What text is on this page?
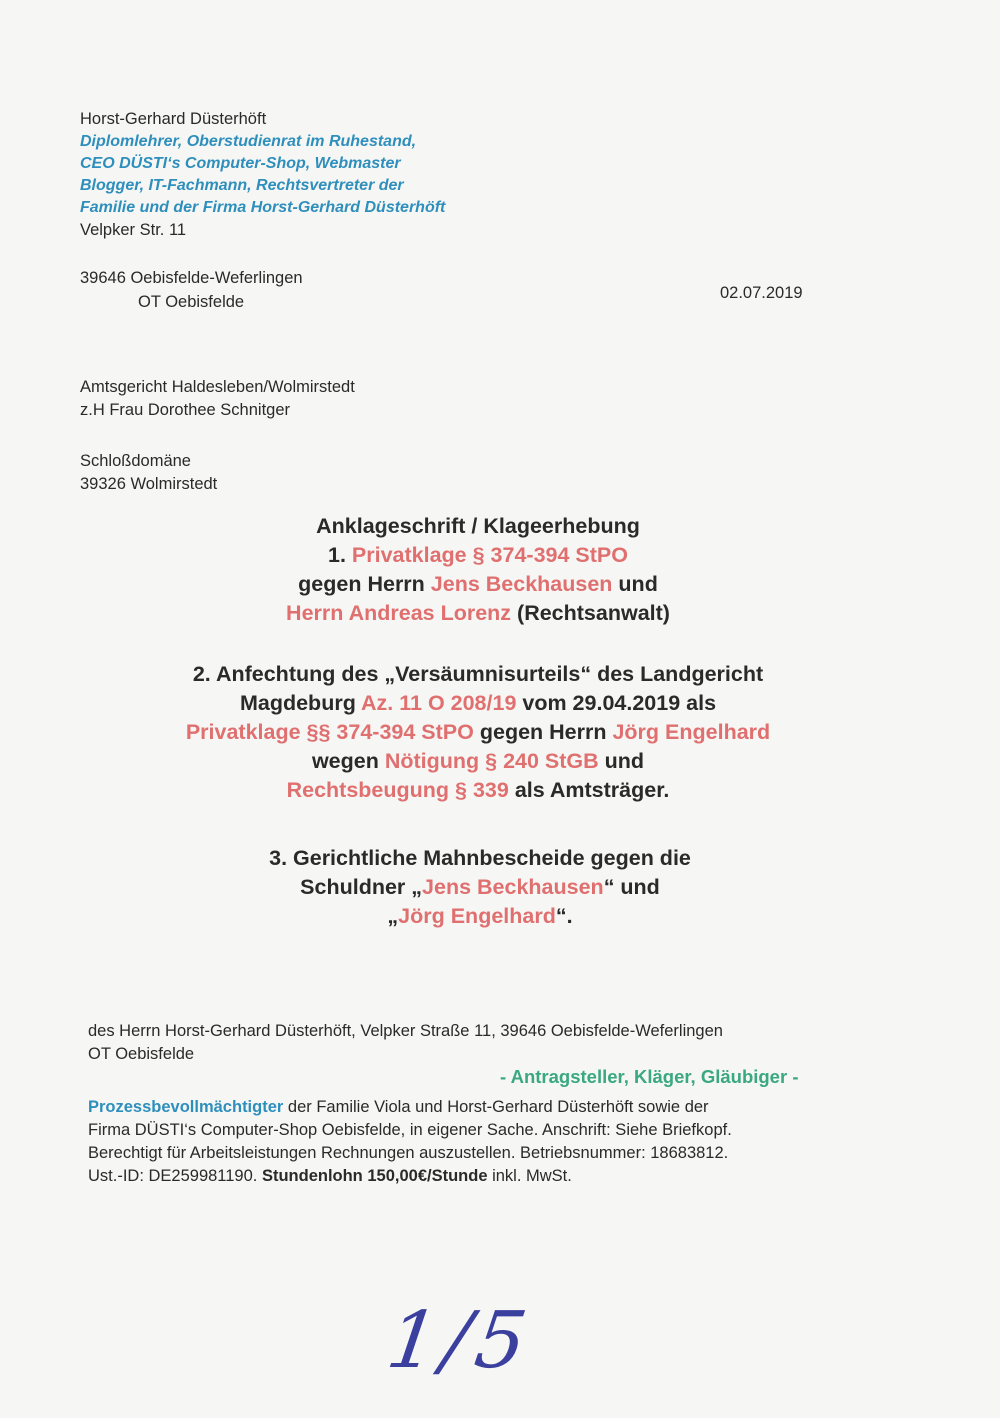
Horst-Gerhard Düsterhöft
Diplomlehrer, Oberstudienrat im Ruhestand,
CEO DÜSTI‘s Computer-Shop, Webmaster
Blogger, IT-Fachmann, Rechtsvertreter der
Familie und der Firma Horst-Gerhard Düsterhöft
Velpker Str. 11
39646 Oebisfelde-Weferlingen
OT Oebisfelde	02.07.2019
Amtsgericht Haldesleben/Wolmirstedt
z.H Frau Dorothee Schnitger
Schloßdomäne
39326 Wolmirstedt
Anklageschrift / Klageerhebung
1. Privatklage § 374-394 StPO
gegen Herrn Jens Beckhausen und
Herrn Andreas Lorenz (Rechtsanwalt)
2. Anfechtung des „Versäumnisurteils“ des Landgericht
Magdeburg Az. 11 O 208/19 vom 29.04.2019 als
Privatklage §§ 374-394 StPO gegen Herrn Jörg Engelhard
wegen Nötigung § 240 StGB und
Rechtsbeugung § 339 als Amtsträger.
3. Gerichtliche Mahnbescheide gegen die
Schuldner „Jens Beckhausen“ und
„Jörg Engelhard“.
des Herrn Horst-Gerhard Düsterhöft, Velpker Straße 11, 39646 Oebisfelde-Weferlingen
OT Oebisfelde
- Antragsteller, Kläger, Gläubiger -
Prozessbevollmächtigter der Familie Viola und Horst-Gerhard Düsterhöft sowie der
Firma DÜSTI‘s Computer-Shop Oebisfelde, in eigener Sache. Anschrift: Siehe Briefkopf.
Berechtigt für Arbeitsleistungen Rechnungen auszustellen. Betriebsnummer: 18683812.
Ust.-ID: DE259981190. Stundenlohn 150,00€/Stunde inkl. MwSt.
1/5
